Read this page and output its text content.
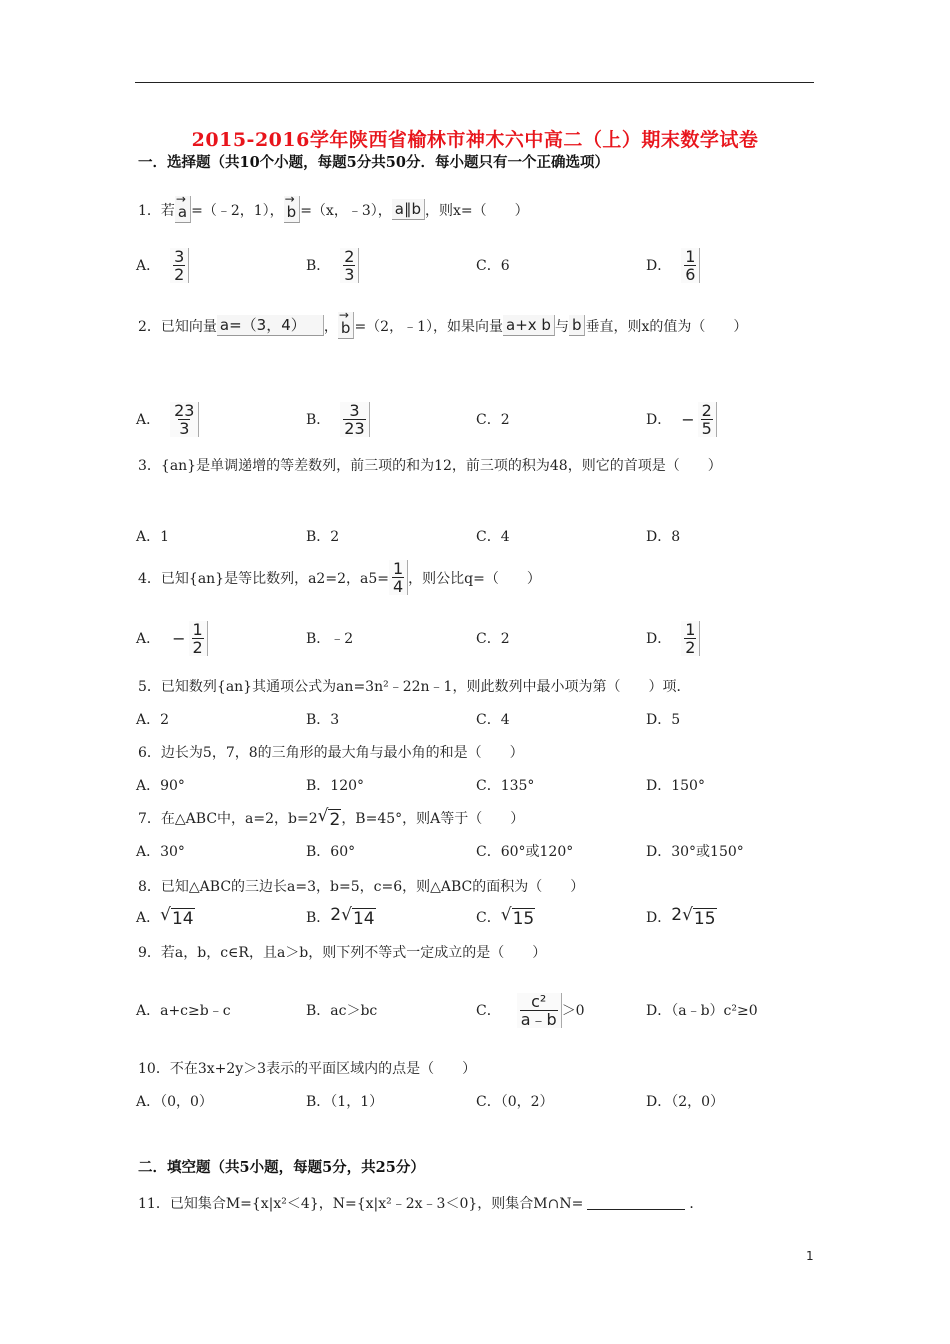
2015-2016学年陕西省榆林市神木六中高二（上）期末数学试卷
一．选择题（共10个小题，每题5分共50分．每小题只有一个正确选项）
1．若 → a =（﹣2，1）， → b =（x，﹣3）， a∥b ，则x=（　　）
A．
3
2	B．
2
3	C．6	D．
1
6
2．已知向量 a=（3，4）	， → b =（2，﹣1），如果向量 a+x b 与 b 垂直，则x的值为（　　）
A．
23
3	B．
3
23	C．2	D． − $\frac{2}{5}$
3．{an}是单调递增的等差数列，前三项的和为12，前三项的积为48，则它的首项是（　　）
A．1	B．2	C．4	D．8
4．已知{an}是等比数列，a2=2，$a5= \frac{1}{4}$ ，则公比q=（　　）
A． − $\frac{1}{2}$	B．﹣2	C．2	D．
1
2
5．已知数列{an}其通项公式为an=3n²﹣22n﹣1，则此数列中最小项为第（　　）项．
A．2	B．3	C．4	D．5
6．边长为5，7，8的三角形的最大角与最小角的和是（　　）
A．90°	B．120°	C．135°	D．150°
7．在△ABC中，a=2，b=2 √ 2 ，B=45°，则A等于（　　）
A．30°	B．60°	C．60°或120°	D．30°或150°
8．已知△ABC的三边长a=3，b=5，c=6，则△ABC的面积为（　　）
A． √ 14	B． 2 √ 14	C． √ 15	D． 2 √ 15
9．若a，b，c∈R，且a＞b，则下列不等式一定成立的是（　　）
A．a+c≥b﹣c	B．ac＞bc	C．
c²
a﹣b ＞0	D．（a﹣b）c²≥0
10．不在3x+2y＞3表示的平面区域内的点是（　　）
A．（0，0）	B．（1，1）	C．（0，2）	D．（2，0）
二．填空题（共5小题，每题5分，共25分）
11．已知集合M={x|x²＜4}，N={x|x²﹣2x﹣3＜0}，则集合M∩N=	．
1
